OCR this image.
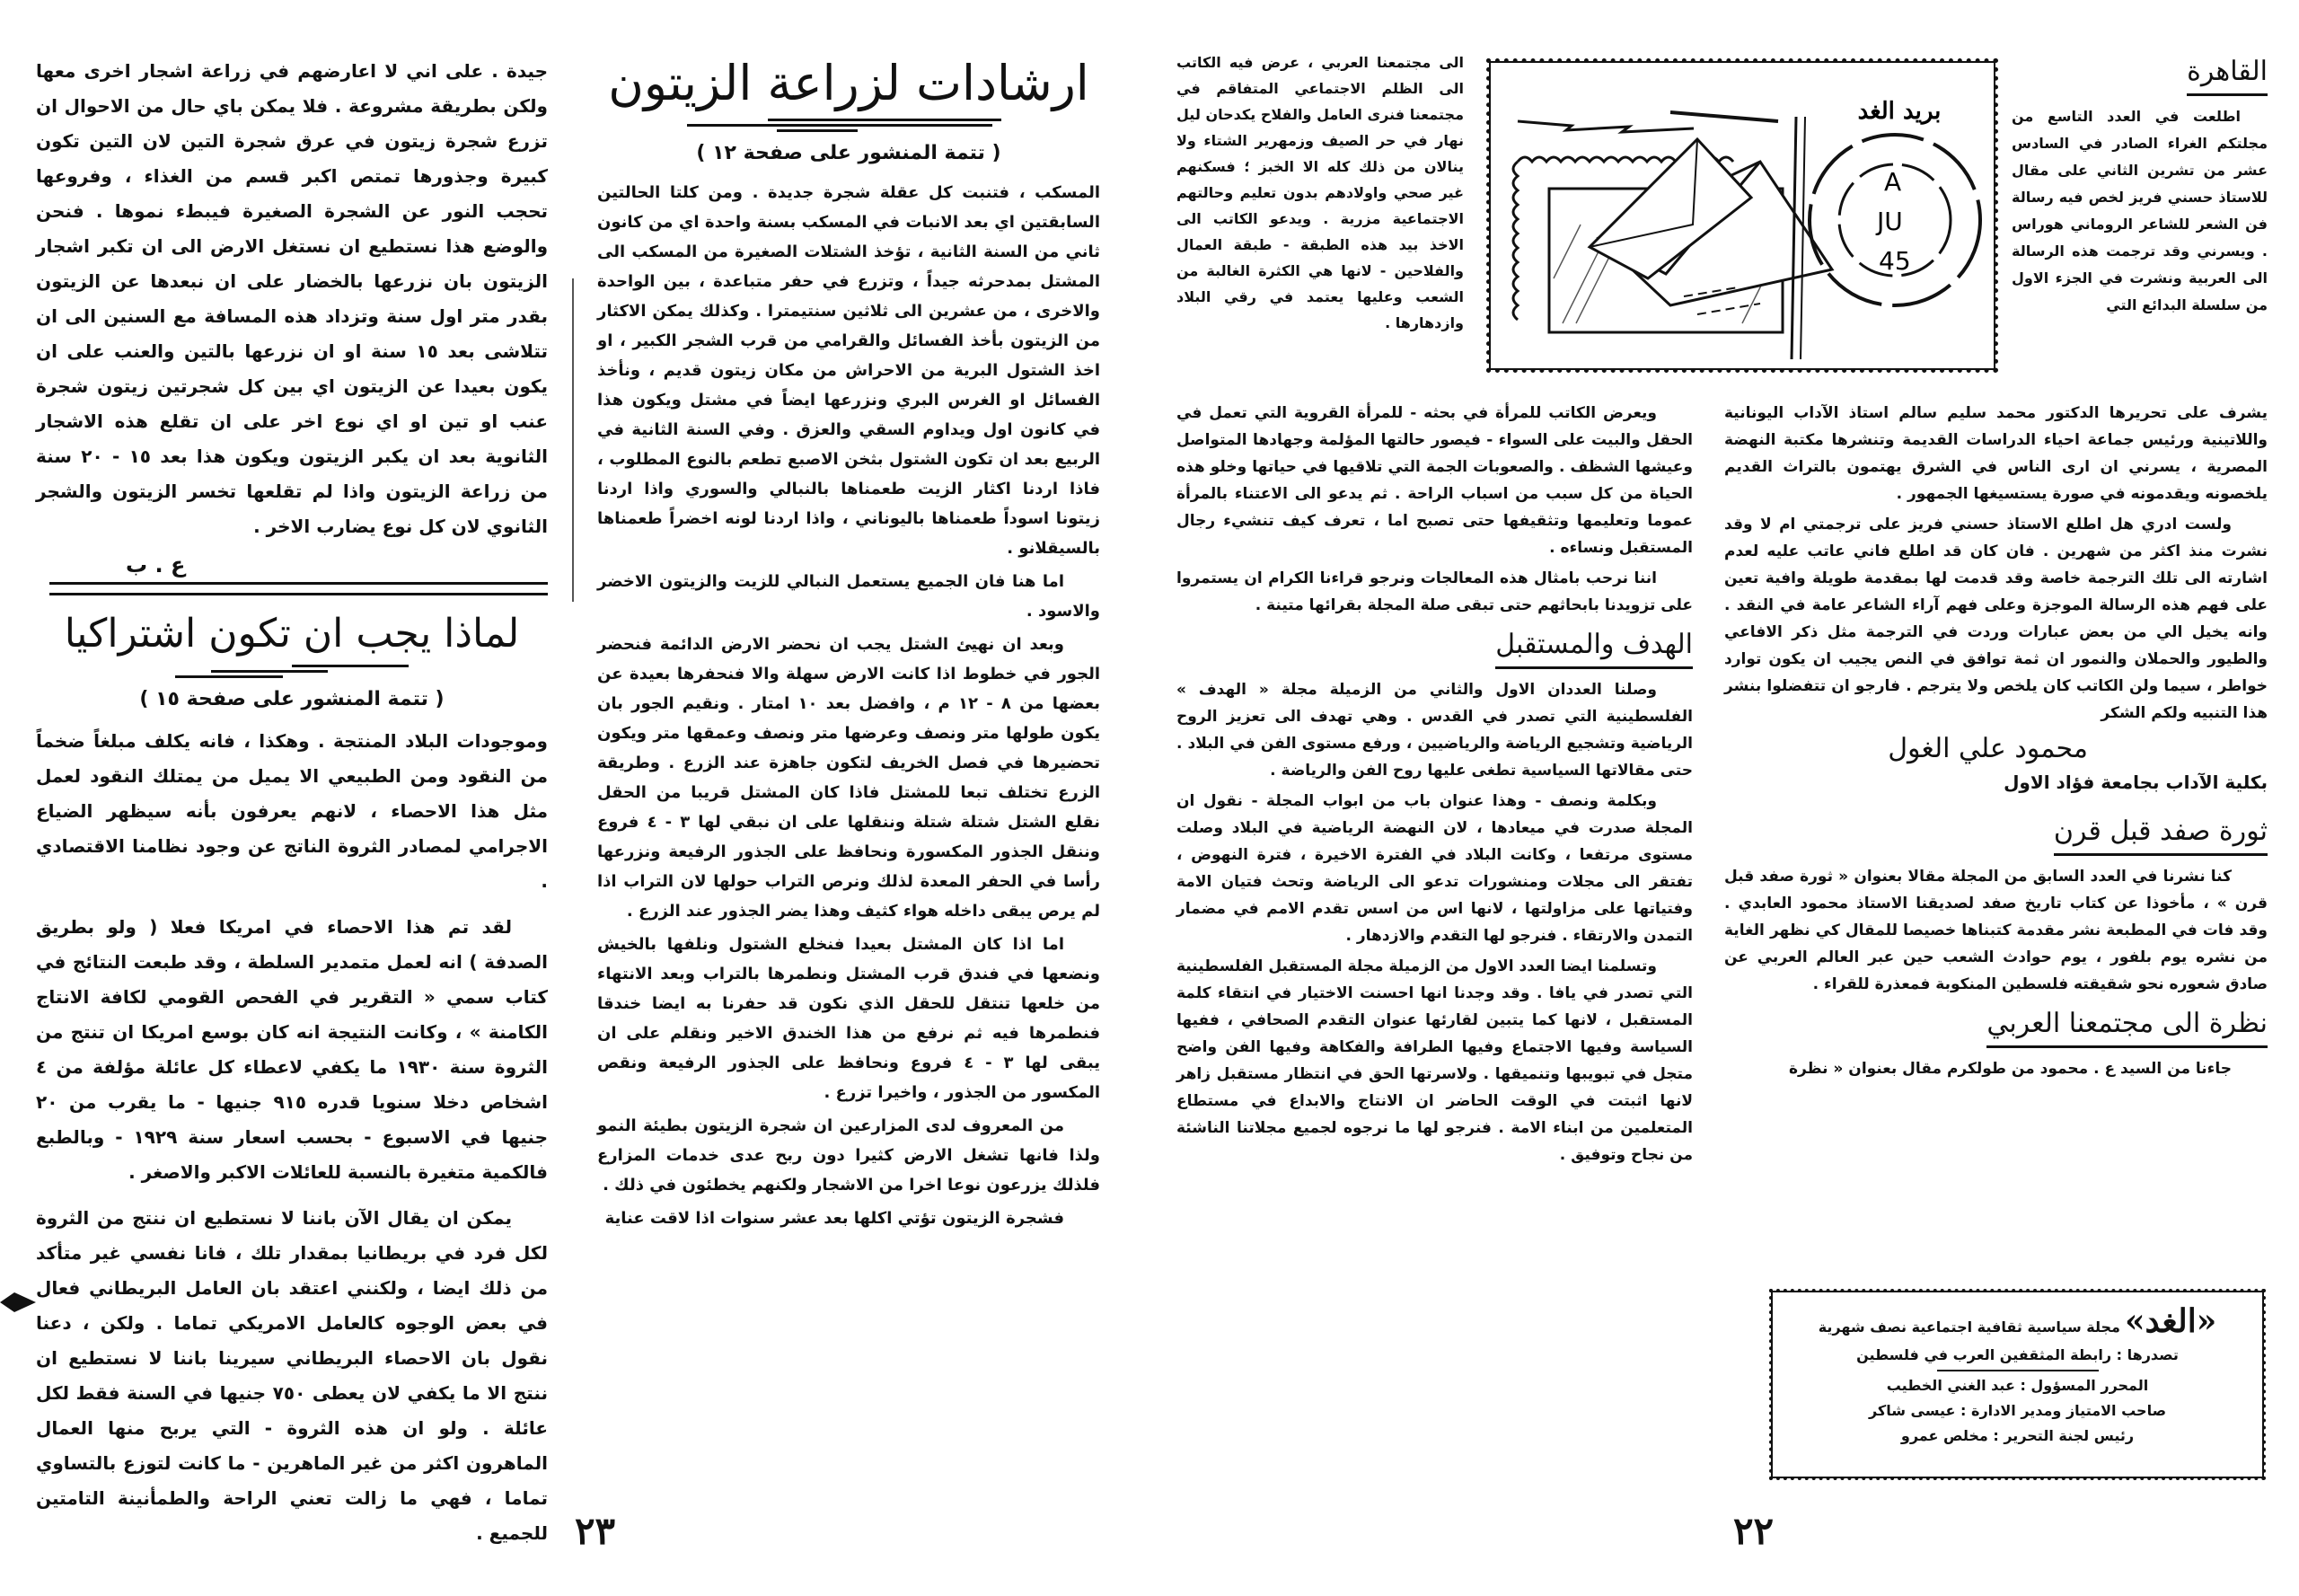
جيدة . على اني لا اعارضهم في زراعة اشجار اخرى معها ولكن بطريقة مشروعة . فلا يمكن باي حال من الاحوال ان تزرع شجرة زيتون في عرق شجرة التين لان التين تكون كبيرة وجذورها تمتص اكبر قسم من الغذاء ، وفروعها تحجب النور عن الشجرة الصغيرة فيبطء نموها . فنحن والوضع هذا نستطيع ان نستغل الارض الى ان تكبر اشجار الزيتون بان نزرعها بالخضار على ان نبعدها عن الزيتون بقدر متر اول سنة وتزداد هذه المسافة مع السنين الى ان تتلاشى بعد ١٥ سنة او ان نزرعها بالتين والعنب على ان يكون بعيدا عن الزيتون اي بين كل شجرتين زيتون شجرة عنب او تين او اي نوع اخر على ان تقلع هذه الاشجار الثانوية بعد ان يكبر الزيتون ويكون هذا بعد ١٥ - ٢٠ سنة من زراعة الزيتون واذا لم تقلعها تخسر الزيتون والشجر الثانوي لان كل نوع يضارب الاخر .

ع . ب

لماذا يجب ان تكون اشتراكيا
( تتمة المنشور على صفحة ١٥ )

وموجودات البلاد المنتجة . وهكذا ، فانه يكلف مبلغاً ضخماً من النقود ومن الطبيعي الا يميل من يمتلك النقود لعمل مثل هذا الاحصاء ، لانهم يعرفون بأنه سيظهر الضياع الاجرامي لمصادر الثروة الناتج عن وجود نظامنا الاقتصادي .

لقد تم هذا الاحصاء في امريكا فعلا ( ولو بطريق الصدفة ) انه لعمل متمدير السلطة ، وقد طبعت النتائج في كتاب سمي « التقرير في الفحص القومي لكافة الانتاج الكامنة » ، وكانت النتيجة انه كان بوسع امريكا ان تنتج من الثروة سنة ١٩٣٠ ما يكفي لاعطاء كل عائلة مؤلفة من ٤ اشخاص دخلا سنويا قدره ٩١٥ جنيها - ما يقرب من ٢٠ جنيها في الاسبوع - بحسب اسعار سنة ١٩٢٩ - وبالطبع فالكمية متغيرة بالنسبة للعائلات الاكبر والاصغر .

يمكن ان يقال الآن باننا لا نستطيع ان ننتج من الثروة لكل فرد في بريطانيا بمقدار تلك ، فانا نفسي غير متأكد من ذلك ايضا ، ولكنني اعتقد بان العامل البريطاني فعال في بعض الوجوه كالعامل الامريكي تماما . ولكن ، دعنا نقول بان الاحصاء البريطاني سيرينا باننا لا نستطيع ان ننتج الا ما يكفي لان يعطى ٧٥٠ جنيها في السنة فقط لكل عائلة . ولو ان هذه الثروة - التي يربح منها العمال الماهرون اكثر من غير الماهرين - ما كانت لتوزع بالتساوي تماما ، فهي ما زالت تعني الراحة والطمأنينة التامتين للجميع .

ارشادات لزراعة الزيتون
( تتمة المنشور على صفحة ١٢ )

المسكب ، فتنبت كل عقلة شجرة جديدة . ومن كلتا الحالتين السابقتين اي بعد الانبات في المسكب بسنة واحدة اي من كانون ثاني من السنة الثانية ، تؤخذ الشتلات الصغيرة من المسكب الى المشتل بمدحرثه جيداً ، وتزرع في حفر متباعدة ، بين الواحدة والاخرى ، من عشرين الى ثلاثين سنتيمترا . وكذلك يمكن الاكثار من الزيتون بأخذ الفسائل والقرامي من قرب الشجر الكبير ، او اخذ الشتول البرية من الاحراش من مكان زيتون قديم ، ونأخذ الفسائل او الغرس البري ونزرعها ايضاً في مشتل ويكون هذا في كانون اول ويداوم السقي والعزق . وفي السنة الثانية في الربيع بعد ان تكون الشتول بثخن الاصبع تطعم بالنوع المطلوب ، فاذا اردنا اكثار الزيت طعمناها بالنبالي والسوري واذا اردنا زيتونا اسوداً طعمناها باليوناني ، واذا اردنا لونه اخضراً طعمناها بالسيقلانو .

اما هنا فان الجميع يستعمل النبالي للزيت والزيتون الاخضر والاسود .

وبعد ان نهيئ الشتل يجب ان نحضر الارض الدائمة فنحضر الجور في خطوط اذا كانت الارض سهلة والا فنحفرها بعيدة عن بعضها من ٨ - ١٢ م ، وافضل بعد ١٠ امتار . ونقيم الجور بان يكون طولها متر ونصف وعرضها متر ونصف وعمقها متر ويكون تحضيرها في فصل الخريف لتكون جاهزة عند الزرع . وطريقة الزرع تختلف تبعا للمشتل فاذا كان المشتل قريبا من الحقل نقلع الشتل شتلة شتلة وننقلها على ان نبقي لها ٣ - ٤ فروع وننقل الجذور المكسورة ونحافظ على الجذور الرفيعة ونزرعها رأسا في الحفر المعدة لذلك ونرص التراب حولها لان التراب اذا لم يرص يبقى داخله هواء كثيف وهذا يضر الجذور عند الزرع .

اما اذا كان المشتل بعيدا فنخلع الشتول ونلفها بالخيش ونضعها في فندق قرب المشتل ونطمرها بالتراب وبعد الانتهاء من خلعها تنتقل للحقل الذي نكون قد حفرنا به ايضا خندقا فنطمرها فيه ثم نرفع من هذا الخندق الاخير ونقلم على ان يبقى لها ٣ - ٤ فروع ونحافظ على الجذور الرفيعة ونقص المكسور من الجذور ، واخيرا تزرع .

من المعروف لدى المزارعين ان شجرة الزيتون بطيئة النمو ولذا فانها تشغل الارض كثيرا دون ربح عدى خدمات المزارع فلذلك يزرعون نوعا اخرا من الاشجار ولكنهم يخطئون في ذلك .

فشجرة الزيتون تؤتي اكلها بعد عشر سنوات اذا لاقت عناية

٢٣
بريد الغد
A
JU
45
القاهرة

اطلعت في العدد التاسع من مجلتكم الغراء الصادر في السادس عشر من تشرين الثاني على مقال للاستاذ حسني فريز لخص فيه رسالة فن الشعر للشاعر الروماني هوراس . ويسرني وقد ترجمت هذه الرسالة الى العربية ونشرت في الجزء الاول من سلسلة البدائع التي

يشرف على تحريرها الدكتور محمد سليم سالم استاذ الآداب اليونانية واللاتينية ورئيس جماعة احياء الدراسات القديمة وتنشرها مكتبة النهضة المصرية ، يسرني ان ارى الناس في الشرق يهتمون بالتراث القديم يلخصونه ويقدمونه في صورة يستسيغها الجمهور .

ولست ادري هل اطلع الاستاذ حسني فريز على ترجمتي ام لا وقد نشرت منذ اكثر من شهرين . فان كان قد اطلع فاني عاتب عليه لعدم اشارته الى تلك الترجمة خاصة وقد قدمت لها بمقدمة طويلة وافية تعين على فهم هذه الرسالة الموجزة وعلى فهم آراء الشاعر عامة في النقد . وانه يخيل الي من بعض عبارات وردت في الترجمة مثل ذكر الافاعي والطيور والحملان والنمور ان ثمة توافق في النص يجيب ان يكون توارد خواطر ، سيما ولن الكاتب كان يلخص ولا يترجم . فارجو ان تتفضلوا بنشر هذا التنبيه ولكم الشكر

محمود علي الغول
بكلية الآداب بجامعة فؤاد الاول
ثورة صفد قبل قرن

كنا نشرنا في العدد السابق من المجلة مقالا بعنوان « ثورة صفد قبل قرن » ، مأخوذا عن كتاب تاريخ صفد لصديقنا الاستاذ محمود العابدي . وقد فات في المطبعة نشر مقدمة كتبناها خصيصا للمقال كي نظهر الغاية من نشره يوم بلفور ، يوم حوادث الشعب حين عبر العالم العربي عن صادق شعوره نحو شقيقته فلسطين المنكوبة فمعذرة للقراء .

نظرة الى مجتمعنا العربي

جاءنا من السيد ع . محمود من طولكرم مقال بعنوان « نظرة

«الغد» مجلة سياسية ثقافية اجتماعية نصف شهرية
تصدرها : رابطة المثقفين العرب في فلسطين
المحرر المسؤول : عبد الغني الخطيب
صاحب الامتياز ومدير الادارة : عيسى شاكر
رئيس لجنة التحرير : مخلص عمرو

الى مجتمعنا العربي ، عرض فيه الكاتب الى الظلم الاجتماعي المتفاقم في مجتمعنا فنرى العامل والفلاح يكدحان ليل نهار في حر الصيف وزمهرير الشتاء ولا ينالان من ذلك كله الا الخبز ؛ فسكنهم غير صحي واولادهم بدون تعليم وحالتهم الاجتماعية مزرية . ويدعو الكاتب الى الاخذ بيد هذه الطبقة - طبقة العمال والفلاحين - لانها هي الكثرة الغالبة من الشعب وعليها يعتمد في رقي البلاد وازدهارها .

ويعرض الكاتب للمرأة في بحثه - للمرأة القروية التي تعمل في الحقل والبيت على السواء - فيصور حالتها المؤلمة وجهادها المتواصل وعيشها الشظف . والصعوبات الجمة التي تلاقيها في حياتها وخلو هذه الحياة من كل سبب من اسباب الراحة . ثم يدعو الى الاعتناء بالمرأة عموما وتعليمها وتثقيفها حتى تصبح اما ، تعرف كيف تنشيء رجال المستقبل ونساءه .

اننا نرحب بامثال هذه المعالجات ونرجو قراءنا الكرام ان يستمروا على تزويدنا بابحاثهم حتى تبقى صلة المجلة بقرائها متينة .

الهدف والمستقبل

وصلنا العددان الاول والثاني من الزميلة مجلة « الهدف » الفلسطينية التي تصدر في القدس . وهي تهدف الى تعزيز الروح الرياضية وتشجيع الرياضة والرياضيين ، ورفع مستوى الفن في البلاد . حتى مقالاتها السياسية تطغى عليها روح الفن والرياضة .

وبكلمة ونصف - وهذا عنوان باب من ابواب المجلة - نقول ان المجلة صدرت في ميعادها ، لان النهضة الرياضية في البلاد وصلت مستوى مرتفعا ، وكانت البلاد في الفترة الاخيرة ، فترة النهوض ، تفتقر الى مجلات ومنشورات تدعو الى الرياضة وتحث فتيان الامة وفتياتها على مزاولتها ، لانها اس من اسس تقدم الامم في مضمار التمدن والارتقاء . فنرجو لها التقدم والازدهار .

وتسلمنا ايضا العدد الاول من الزميلة مجلة المستقبل الفلسطينية التي تصدر في يافا . وقد وجدنا انها احسنت الاختيار في انتقاء كلمة المستقبل ، لانها كما يتبين لقارئها عنوان التقدم الصحافي ، ففيها السياسة وفيها الاجتماع وفيها الطرافة والفكاهة وفيها الفن واضح متجل في تبويبها وتنميقها . ولاسرتها الحق في انتظار مستقبل زاهر لانها اثبتت في الوقت الحاضر ان الانتاج والابداع في مستطاع المتعلمين من ابناء الامة . فنرجو لها ما نرجوه لجميع مجلاتنا الناشئة من نجاح وتوفيق .

٢٢
